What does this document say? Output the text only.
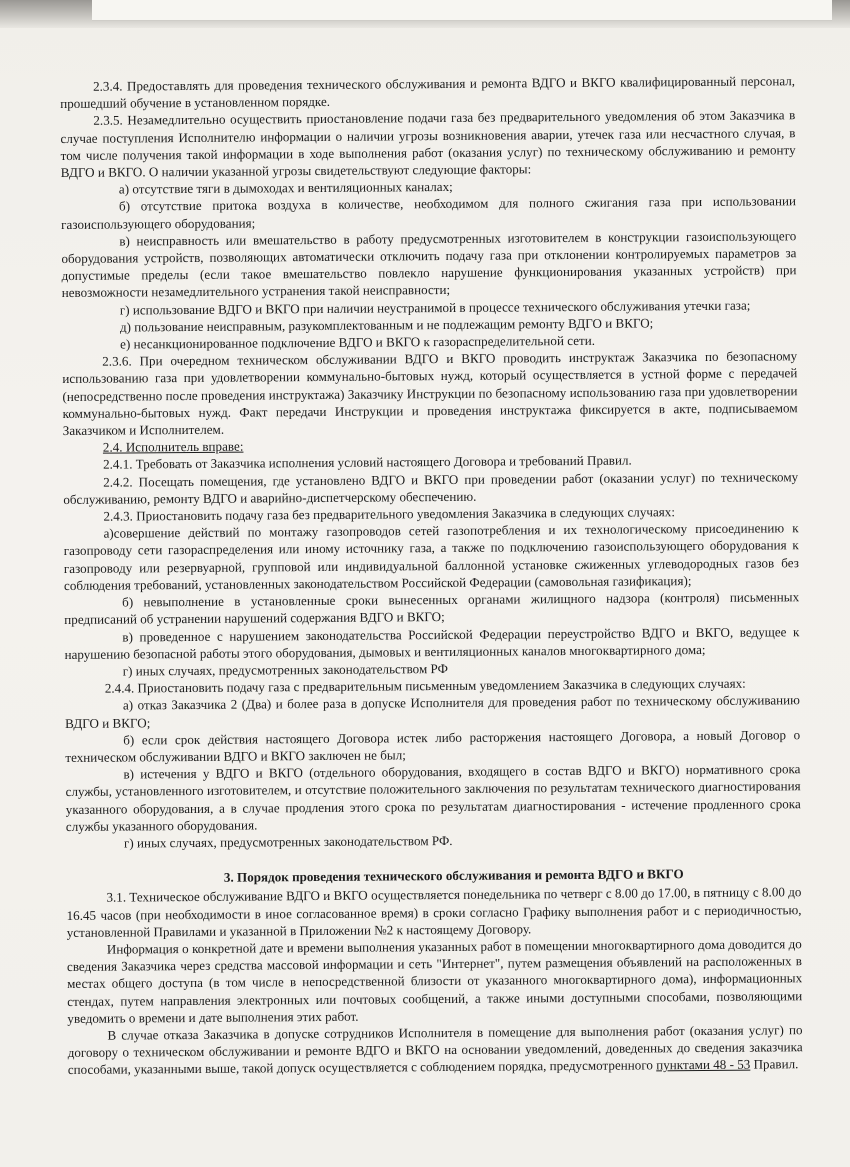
2.3.4. Предоставлять для проведения технического обслуживания и ремонта ВДГО и ВКГО квалифицированный персонал, прошедший обучение в установленном порядке.

2.3.5. Незамедлительно осуществить приостановление подачи газа без предварительного уведомления об этом Заказчика в случае поступления Исполнителю информации о наличии угрозы возникновения аварии, утечек газа или несчастного случая, в том числе получения такой информации в ходе выполнения работ (оказания услуг) по техническому обслуживанию и ремонту ВДГО и ВКГО. О наличии указанной угрозы свидетельствуют следующие факторы:

а) отсутствие тяги в дымоходах и вентиляционных каналах;

б) отсутствие притока воздуха в количестве, необходимом для полного сжигания газа при использовании газоиспользующего оборудования;

в) неисправность или вмешательство в работу предусмотренных изготовителем в конструкции газоиспользующего оборудования устройств, позволяющих автоматически отключить подачу газа при отклонении контролируемых параметров за допустимые пределы (если такое вмешательство повлекло нарушение функционирования указанных устройств) при невозможности незамедлительного устранения такой неисправности;

г) использование ВДГО и ВКГО при наличии неустранимой в процессе технического обслуживания утечки газа;

д) пользование неисправным, разукомплектованным и не подлежащим ремонту ВДГО и ВКГО;

е) несанкционированное подключение ВДГО и ВКГО к газораспределительной сети.

2.3.6. При очередном техническом обслуживании ВДГО и ВКГО проводить инструктаж Заказчика по безопасному использованию газа при удовлетворении коммунально-бытовых нужд, который осуществляется в устной форме с передачей (непосредственно после проведения инструктажа) Заказчику Инструкции по безопасному использованию газа при удовлетворении коммунально-бытовых нужд. Факт передачи Инструкции и проведения инструктажа фиксируется в акте, подписываемом Заказчиком и Исполнителем.

2.4. Исполнитель вправе:

2.4.1. Требовать от Заказчика исполнения условий настоящего Договора и требований Правил.

2.4.2. Посещать помещения, где установлено ВДГО и ВКГО при проведении работ (оказании услуг) по техническому обслуживанию, ремонту ВДГО и аварийно-диспетчерскому обеспечению.

2.4.3. Приостановить подачу газа без предварительного уведомления Заказчика в следующих случаях:

а)совершение действий по монтажу газопроводов сетей газопотребления и их технологическому присоединению к газопроводу сети газораспределения или иному источнику газа, а также по подключению газоиспользующего оборудования к газопроводу или резервуарной, групповой или индивидуальной баллонной установке сжиженных углеводородных газов без соблюдения требований, установленных законодательством Российской Федерации (самовольная газификация);

б) невыполнение в установленные сроки вынесенных органами жилищного надзора (контроля) письменных предписаний об устранении нарушений содержания ВДГО и ВКГО;

в) проведенное с нарушением законодательства Российской Федерации переустройство ВДГО и ВКГО, ведущее к нарушению безопасной работы этого оборудования, дымовых и вентиляционных каналов многоквартирного дома;

г) иных случаях, предусмотренных законодательством РФ

2.4.4. Приостановить подачу газа с предварительным письменным уведомлением Заказчика в следующих случаях:

а) отказ Заказчика 2 (Два) и более раза в допуске Исполнителя для проведения работ по техническому обслуживанию ВДГО и ВКГО;

б) если срок действия настоящего Договора истек либо расторжения настоящего Договора, а новый Договор о техническом обслуживании ВДГО и ВКГО заключен не был;

в) истечения у ВДГО и ВКГО (отдельного оборудования, входящего в состав ВДГО и ВКГО) нормативного срока службы, установленного изготовителем, и отсутствие положительного заключения по результатам технического диагностирования указанного оборудования, а в случае продления этого срока по результатам диагностирования - истечение продленного срока службы указанного оборудования.

г) иных случаях, предусмотренных законодательством РФ.

3. Порядок проведения технического обслуживания и ремонта ВДГО и ВКГО

3.1. Техническое обслуживание ВДГО и ВКГО осуществляется понедельника по четверг с 8.00 до 17.00, в пятницу с 8.00 до 16.45 часов (при необходимости в иное согласованное время) в сроки согласно Графику выполнения работ и с периодичностью, установленной Правилами и указанной в Приложении №2 к настоящему Договору.

Информация о конкретной дате и времени выполнения указанных работ в помещении многоквартирного дома доводится до сведения Заказчика через средства массовой информации и сеть "Интернет", путем размещения объявлений на расположенных в местах общего доступа (в том числе в непосредственной близости от указанного многоквартирного дома), информационных стендах, путем направления электронных или почтовых сообщений, а также иными доступными способами, позволяющими уведомить о времени и дате выполнения этих работ.

В случае отказа Заказчика в допуске сотрудников Исполнителя в помещение для выполнения работ (оказания услуг) по договору о техническом обслуживании и ремонте ВДГО и ВКГО на основании уведомлений, доведенных до сведения заказчика способами, указанными выше, такой допуск осуществляется с соблюдением порядка, предусмотренного пунктами 48 - 53 Правил.
